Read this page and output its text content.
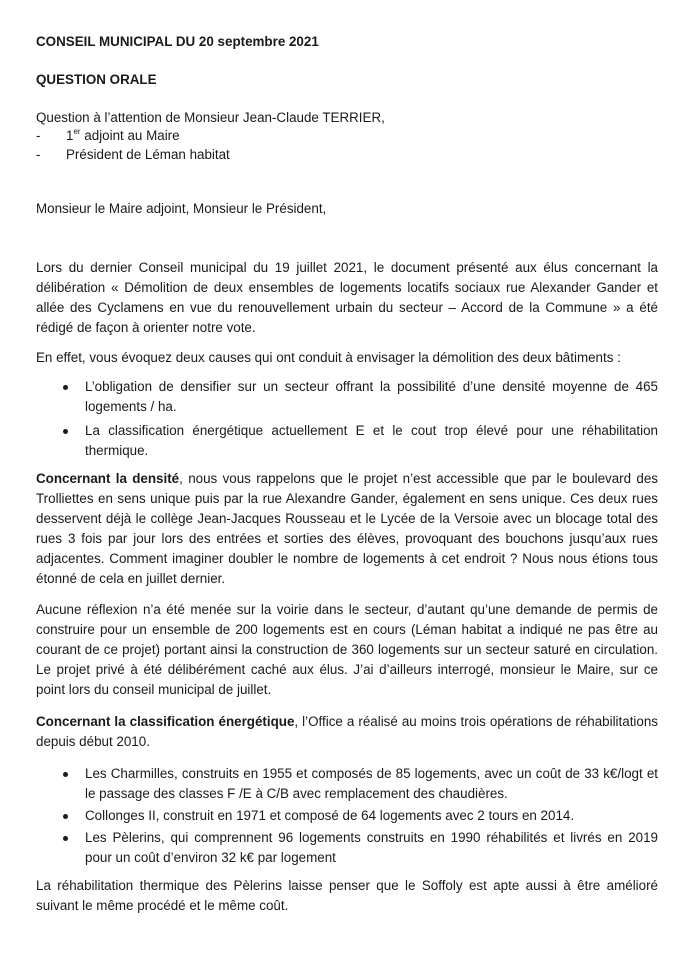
CONSEIL MUNICIPAL DU 20 septembre 2021

QUESTION ORALE

Question à l’attention de Monsieur Jean-Claude TERRIER,

- 1er adjoint au Maire
- Président de Léman habitat

Monsieur le Maire adjoint, Monsieur le Président,

Lors du dernier Conseil municipal du 19 juillet 2021, le document présenté aux élus concernant la délibération « Démolition de deux ensembles de logements locatifs sociaux rue Alexander Gander et allée des Cyclamens en vue du renouvellement urbain du secteur – Accord de la Commune » a été rédigé de façon à orienter notre vote.

En effet, vous évoquez deux causes qui ont conduit à envisager la démolition des deux bâtiments :

L’obligation de densifier sur un secteur offrant la possibilité d’une densité moyenne de 465 logements / ha.
La classification énergétique actuellement E et le cout trop élevé pour une réhabilitation thermique.

Concernant la densité, nous vous rappelons que le projet n’est accessible que par le boulevard des Trolliettes en sens unique puis par la rue Alexandre Gander, également en sens unique. Ces deux rues desservent déjà le collège Jean-Jacques Rousseau et le Lycée de la Versoie avec un blocage total des rues 3 fois par jour lors des entrées et sorties des élèves, provoquant des bouchons jusqu’aux rues adjacentes. Comment imaginer doubler le nombre de logements à cet endroit ? Nous nous étions tous étonné de cela en juillet dernier.

Aucune réflexion n’a été menée sur la voirie dans le secteur, d’autant qu’une demande de permis de construire pour un ensemble de 200 logements est en cours (Léman habitat a indiqué ne pas être au courant de ce projet) portant ainsi la construction de 360 logements sur un secteur saturé en circulation. Le projet privé à été délibérément caché aux élus. J’ai d’ailleurs interrogé, monsieur le Maire, sur ce point lors du conseil municipal de juillet.

Concernant la classification énergétique, l’Office a réalisé au moins trois opérations de réhabilitations depuis début 2010.

Les Charmilles, construits en 1955 et composés de 85 logements, avec un coût de 33 k€/logt et le passage des classes F /E à C/B avec remplacement des chaudières.
Collonges II, construit en 1971 et composé de 64 logements avec 2 tours en 2014.
Les Pèlerins, qui comprennent 96 logements construits en 1990 réhabilités et livrés en 2019 pour un coût d’environ 32 k€ par logement

La réhabilitation thermique des Pèlerins laisse penser que le Soffoly est apte aussi à être amélioré suivant le même procédé et le même coût.
